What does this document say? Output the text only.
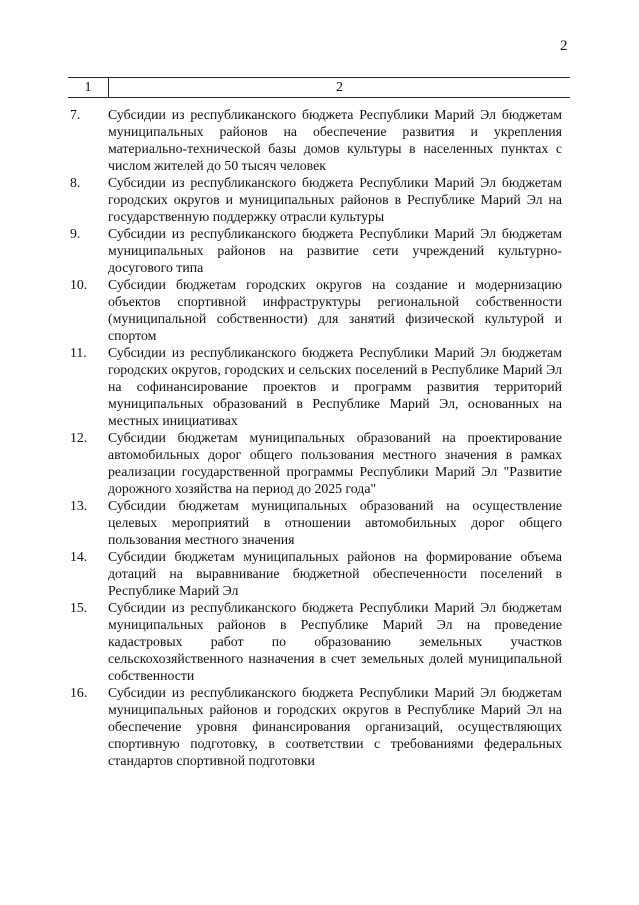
2
1	2
7.	Субсидии из республиканского бюджета Республики Марий Эл бюджетам муниципальных районов на обеспечение развития и укрепления материально-технической базы домов культуры в населенных пунктах с числом жителей до 50 тысяч человек
8.	Субсидии из республиканского бюджета Республики Марий Эл бюджетам городских округов и муниципальных районов в Республике Марий Эл на государственную поддержку отрасли культуры
9.	Субсидии из республиканского бюджета Республики Марий Эл бюджетам муниципальных районов на развитие сети учреждений культурно-досугового типа
10.	Субсидии бюджетам городских округов на создание и модернизацию объектов спортивной инфраструктуры региональной собственности (муниципальной собственности) для занятий физической культурой и спортом
11.	Субсидии из республиканского бюджета Республики Марий Эл бюджетам городских округов, городских и сельских поселений в Республике Марий Эл на софинансирование проектов и программ развития территорий муниципальных образований в Республике Марий Эл, основанных на местных инициативах
12.	Субсидии бюджетам муниципальных образований на проектирование автомобильных дорог общего пользования местного значения в рамках реализации государственной программы Республики Марий Эл "Развитие дорожного хозяйства на период до 2025 года"
13.	Субсидии бюджетам муниципальных образований на осуществление целевых мероприятий в отношении автомобильных дорог общего пользования местного значения
14.	Субсидии бюджетам муниципальных районов на формирование объема дотаций на выравнивание бюджетной обеспеченности поселений в Республике Марий Эл
15.	Субсидии из республиканского бюджета Республики Марий Эл бюджетам муниципальных районов в Республике Марий Эл на проведение кадастровых работ по образованию земельных участков сельскохозяйственного назначения в счет земельных долей муниципальной собственности
16.	Субсидии из республиканского бюджета Республики Марий Эл бюджетам муниципальных районов и городских округов в Республике Марий Эл на обеспечение уровня финансирования организаций, осуществляющих спортивную подготовку, в соответствии с требованиями федеральных стандартов спортивной подготовки
